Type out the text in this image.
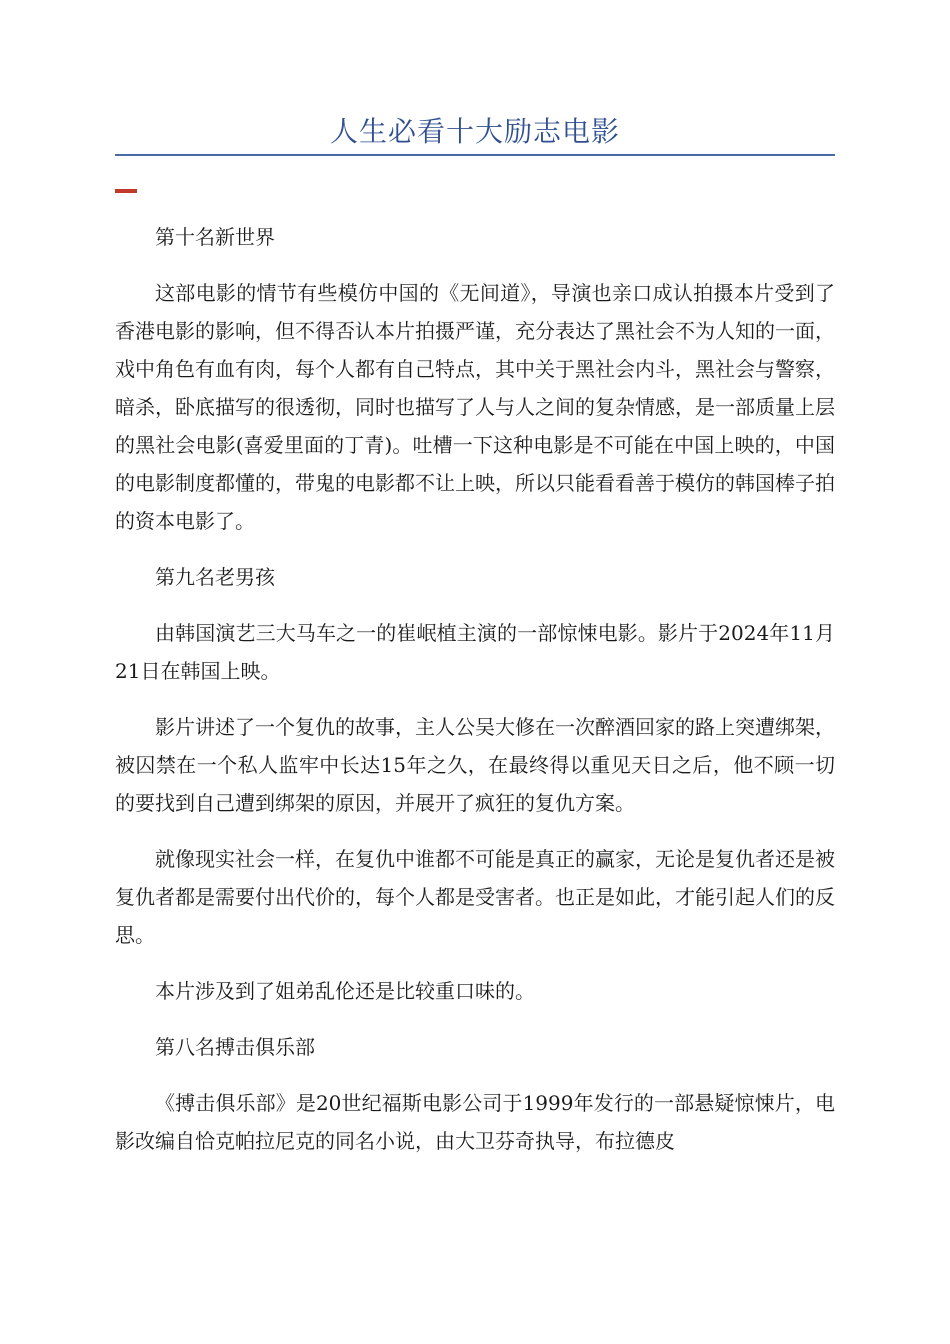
人生必看十大励志电影

第十名新世界

这部电影的情节有些模仿中国的《无间道》，导演也亲口成认拍摄本片受到了香港电影的影响，但不得否认本片拍摄严谨，充分表达了黑社会不为人知的一面，戏中角色有血有肉，每个人都有自己特点，其中关于黑社会内斗，黑社会与警察，暗杀，卧底描写的很透彻，同时也描写了人与人之间的复杂情感，是一部质量上层的黑社会电影(喜爱里面的丁青)。吐槽一下这种电影是不可能在中国上映的，中国的电影制度都懂的，带鬼的电影都不让上映，所以只能看看善于模仿的韩国棒子拍的资本电影了。

第九名老男孩

由韩国演艺三大马车之一的崔岷植主演的一部惊悚电影。影片于2024年11月21日在韩国上映。

影片讲述了一个复仇的故事，主人公吴大修在一次醉酒回家的路上突遭绑架，被囚禁在一个私人监牢中长达15年之久，在最终得以重见天日之后，他不顾一切的要找到自己遭到绑架的原因，并展开了疯狂的复仇方案。

就像现实社会一样，在复仇中谁都不可能是真正的赢家，无论是复仇者还是被复仇者都是需要付出代价的，每个人都是受害者。也正是如此，才能引起人们的反思。

本片涉及到了姐弟乱伦还是比较重口味的。

第八名搏击俱乐部

《搏击俱乐部》是20世纪福斯电影公司于1999年发行的一部悬疑惊悚片，电影改编自恰克帕拉尼克的同名小说，由大卫芬奇执导，布拉德皮
